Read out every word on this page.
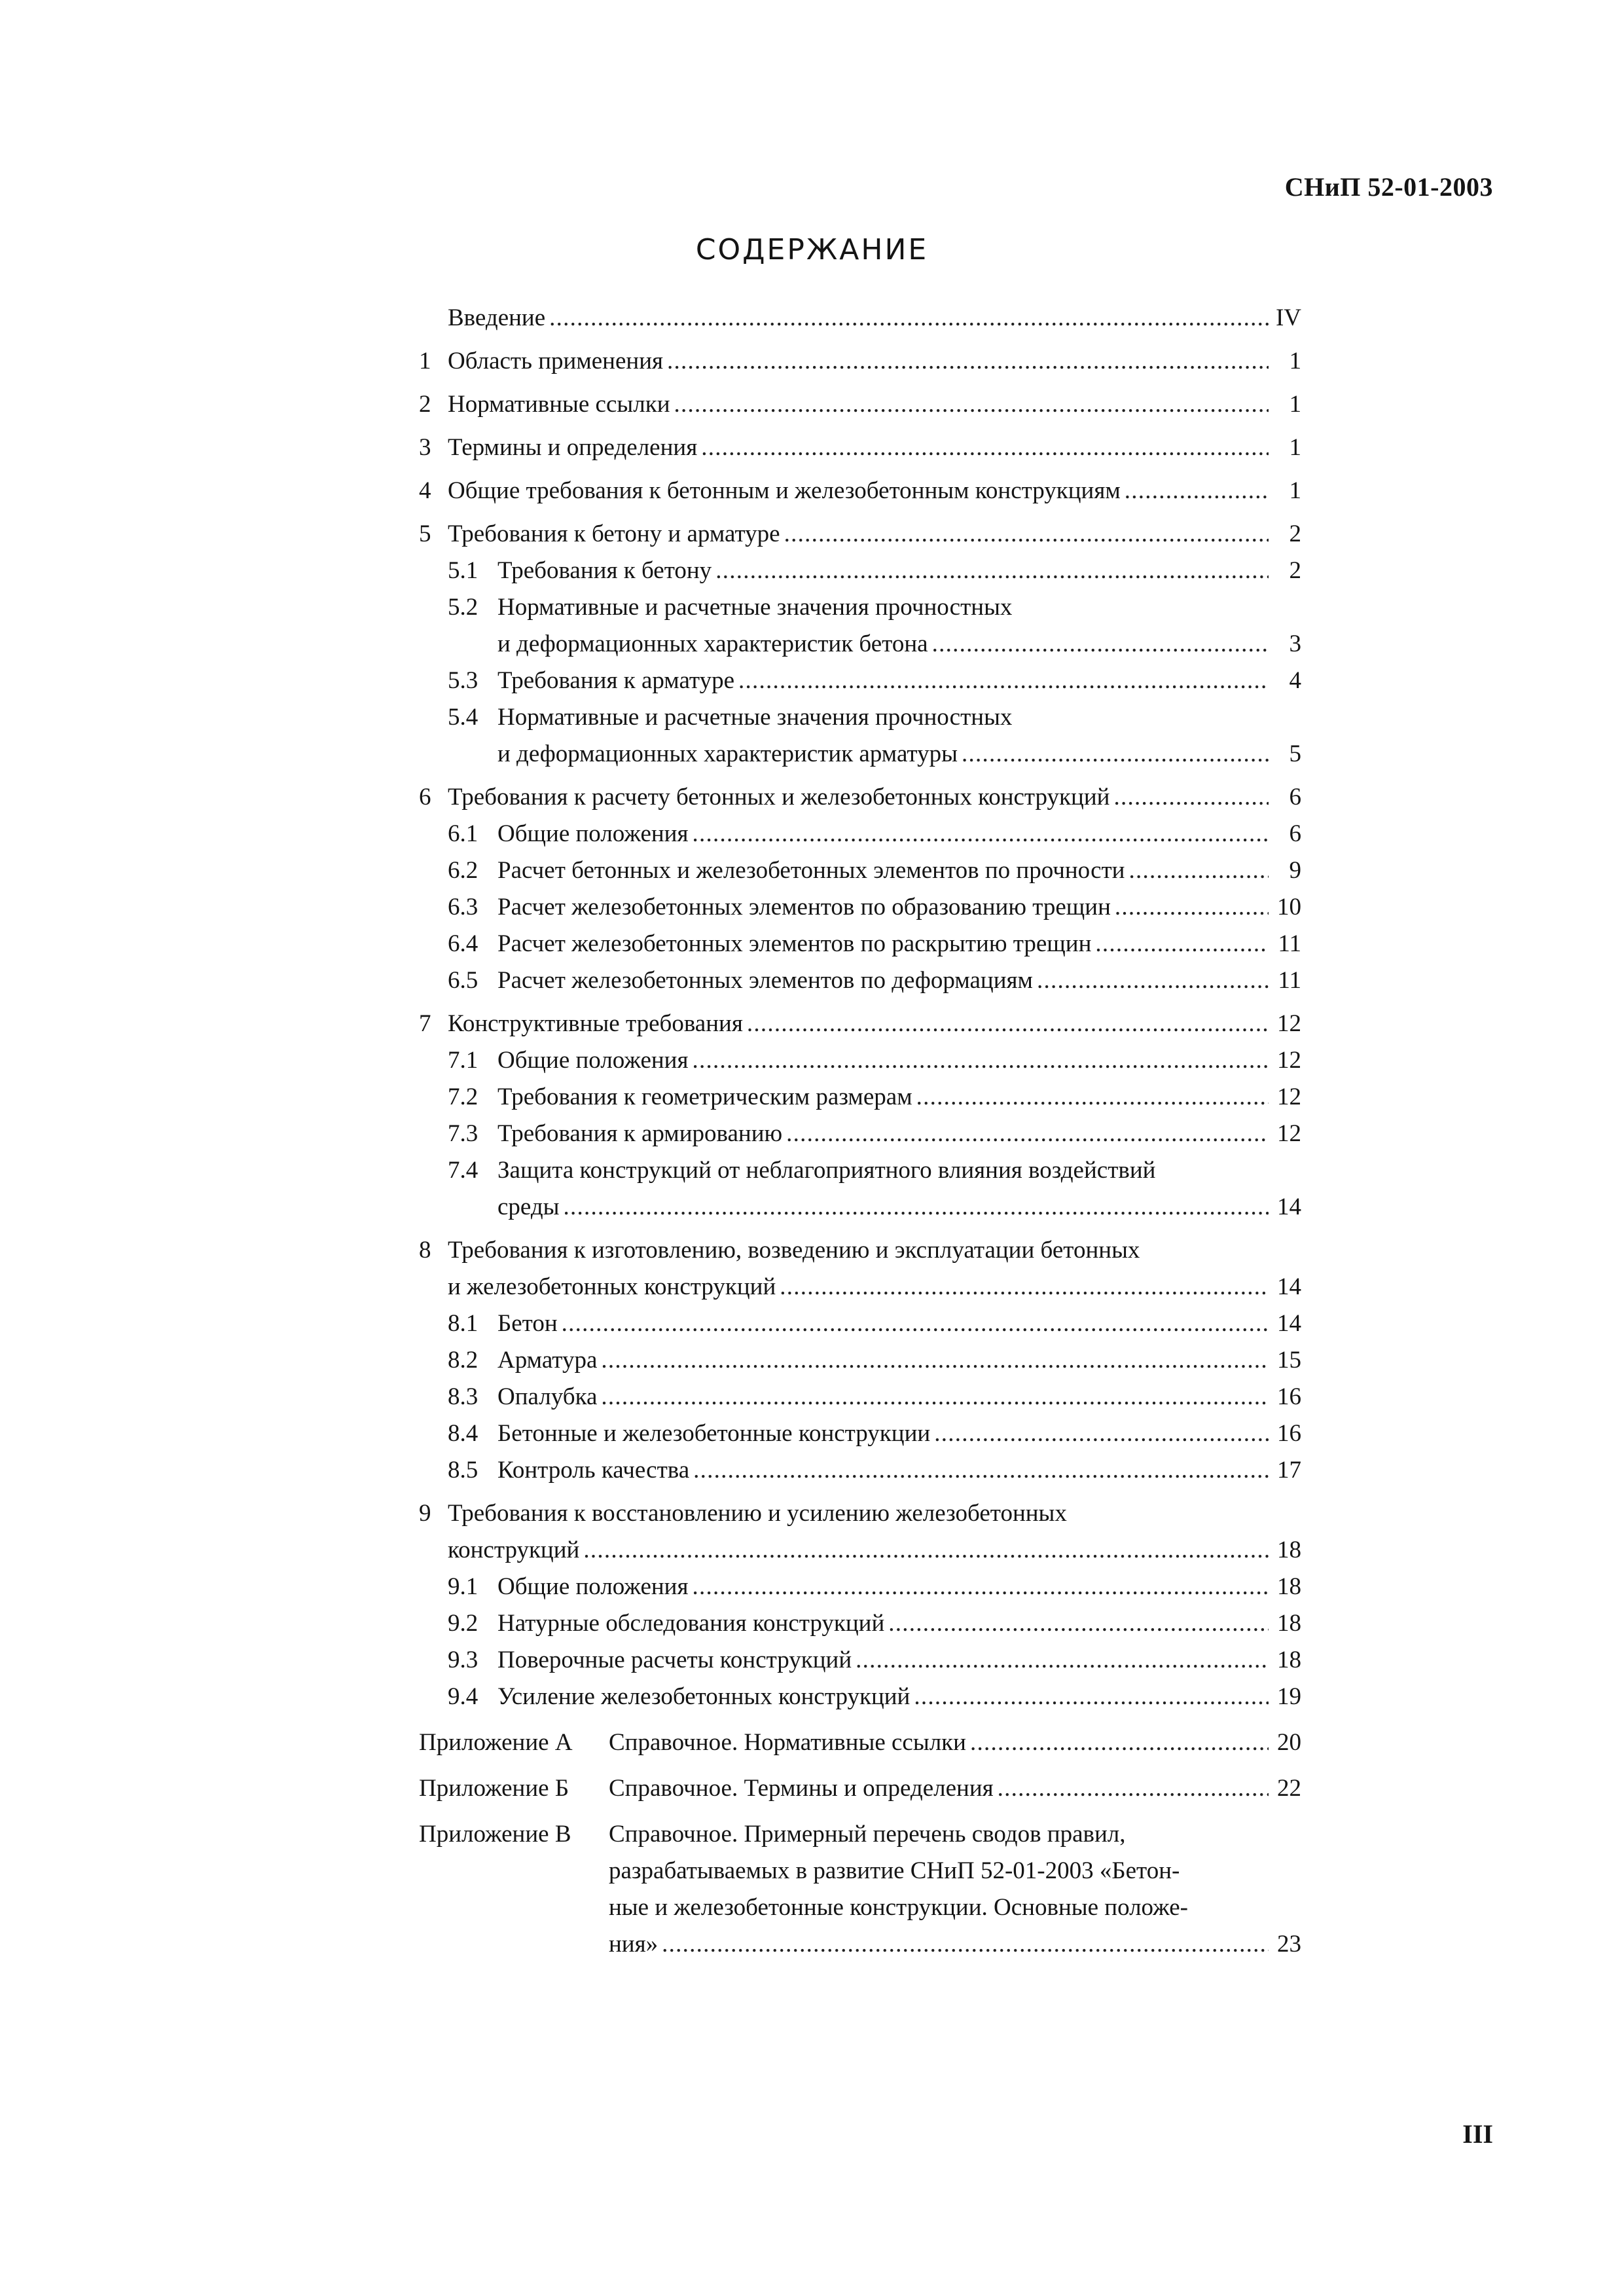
СНиП 52-01-2003
СОДЕРЖАНИЕ
Введение . . .	IV
1 Область применения . . .	1
2 Нормативные ссылки . . .	1
3 Термины и определения . . .	1
4 Общие требования к бетонным и железобетонным конструкциям . . .	1
5 Требования к бетону и арматуре . . .	2
5.1 Требования к бетону . . .	2
5.2 Нормативные и расчетные значения прочностных
и деформационных характеристик бетона . . .	3
5.3 Требования к арматуре . . .	4
5.4 Нормативные и расчетные значения прочностных
и деформационных характеристик арматуры . . .	5
6 Требования к расчету бетонных и железобетонных конструкций . . .	6
6.1 Общие положения . . .	6
6.2 Расчет бетонных и железобетонных элементов по прочности . . .	9
6.3 Расчет железобетонных элементов по образованию трещин . . .	10
6.4 Расчет железобетонных элементов по раскрытию трещин . . .	11
6.5 Расчет железобетонных элементов по деформациям . . .	11
7 Конструктивные требования . . .	12
7.1 Общие положения . . .	12
7.2 Требования к геометрическим размерам . . .	12
7.3 Требования к армированию . . .	12
7.4 Защита конструкций от неблагоприятного влияния воздействий
среды . . .	14
8 Требования к изготовлению, возведению и эксплуатации бетонных
и железобетонных конструкций . . .	14
8.1 Бетон . . .	14
8.2 Арматура . . .	15
8.3 Опалубка . . .	16
8.4 Бетонные и железобетонные конструкции . . .	16
8.5 Контроль качества . . .	17
9 Требования к восстановлению и усилению железобетонных
конструкций . . .	18
9.1 Общие положения . . .	18
9.2 Натурные обследования конструкций . . .	18
9.3 Поверочные расчеты конструкций . . .	18
9.4 Усиление железобетонных конструкций . . .	19
Приложение А	Справочное. Нормативные ссылки . . .	20
Приложение Б	Справочное. Термины и определения . . .	22
Приложение В	Справочное. Примерный перечень сводов правил,
разрабатываемых в развитие СНиП 52-01-2003 «Бетон-
ные и железобетонные конструкции. Основные положе-
ния» . . .	23
III
